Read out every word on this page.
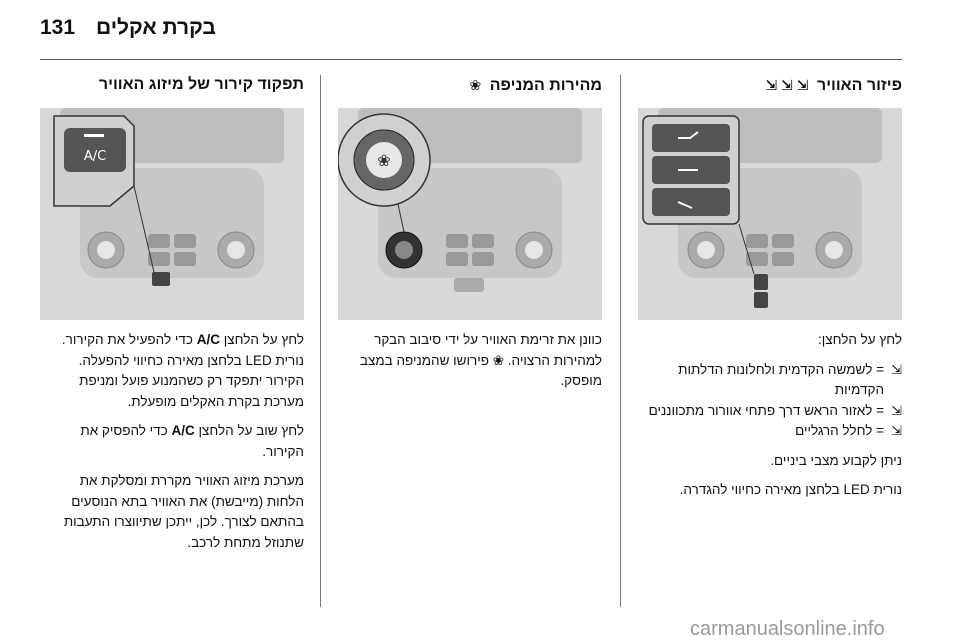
131 בקרת אקלים
פיזור האוויר ⇲ ⇲ ⇲

לחץ על הלחצן:

⇲
= לשמשה הקדמית ולחלונות הדלתות הקדמיות
⇲
= לאזור הראש דרך פתחי אוורור מתכווננים
⇲
= לחלל הרגליים

ניתן לקבוע מצבי ביניים.

נורית LED בלחצן מאירה כחיווי להגדרה.

מהירות המניפה ❀
❀

כוונן את זרימת האוויר על ידי סיבוב הבקר למהירות הרצויה. ❀ פירושו שהמניפה במצב מופסק.

תפקוד קירור של מיזוג האוויר
A/C

לחץ על הלחצן A/C כדי להפעיל את הקירור. נורית LED בלחצן מאירה כחיווי להפעלה. הקירור יתפקד רק כשהמנוע פועל ומניפת מערכת בקרת האקלים מופעלת.

לחץ שוב על הלחצן A/C כדי להפסיק את הקירור.

מערכת מיזוג האוויר מקררת ומסלקת את הלחות (מייבשת) את האוויר בתא הנוסעים בהתאם לצורך. לכן, ייתכן שתיווצרו התעבות שתנוזל מתחת לרכב.

carmanualsonline.info
